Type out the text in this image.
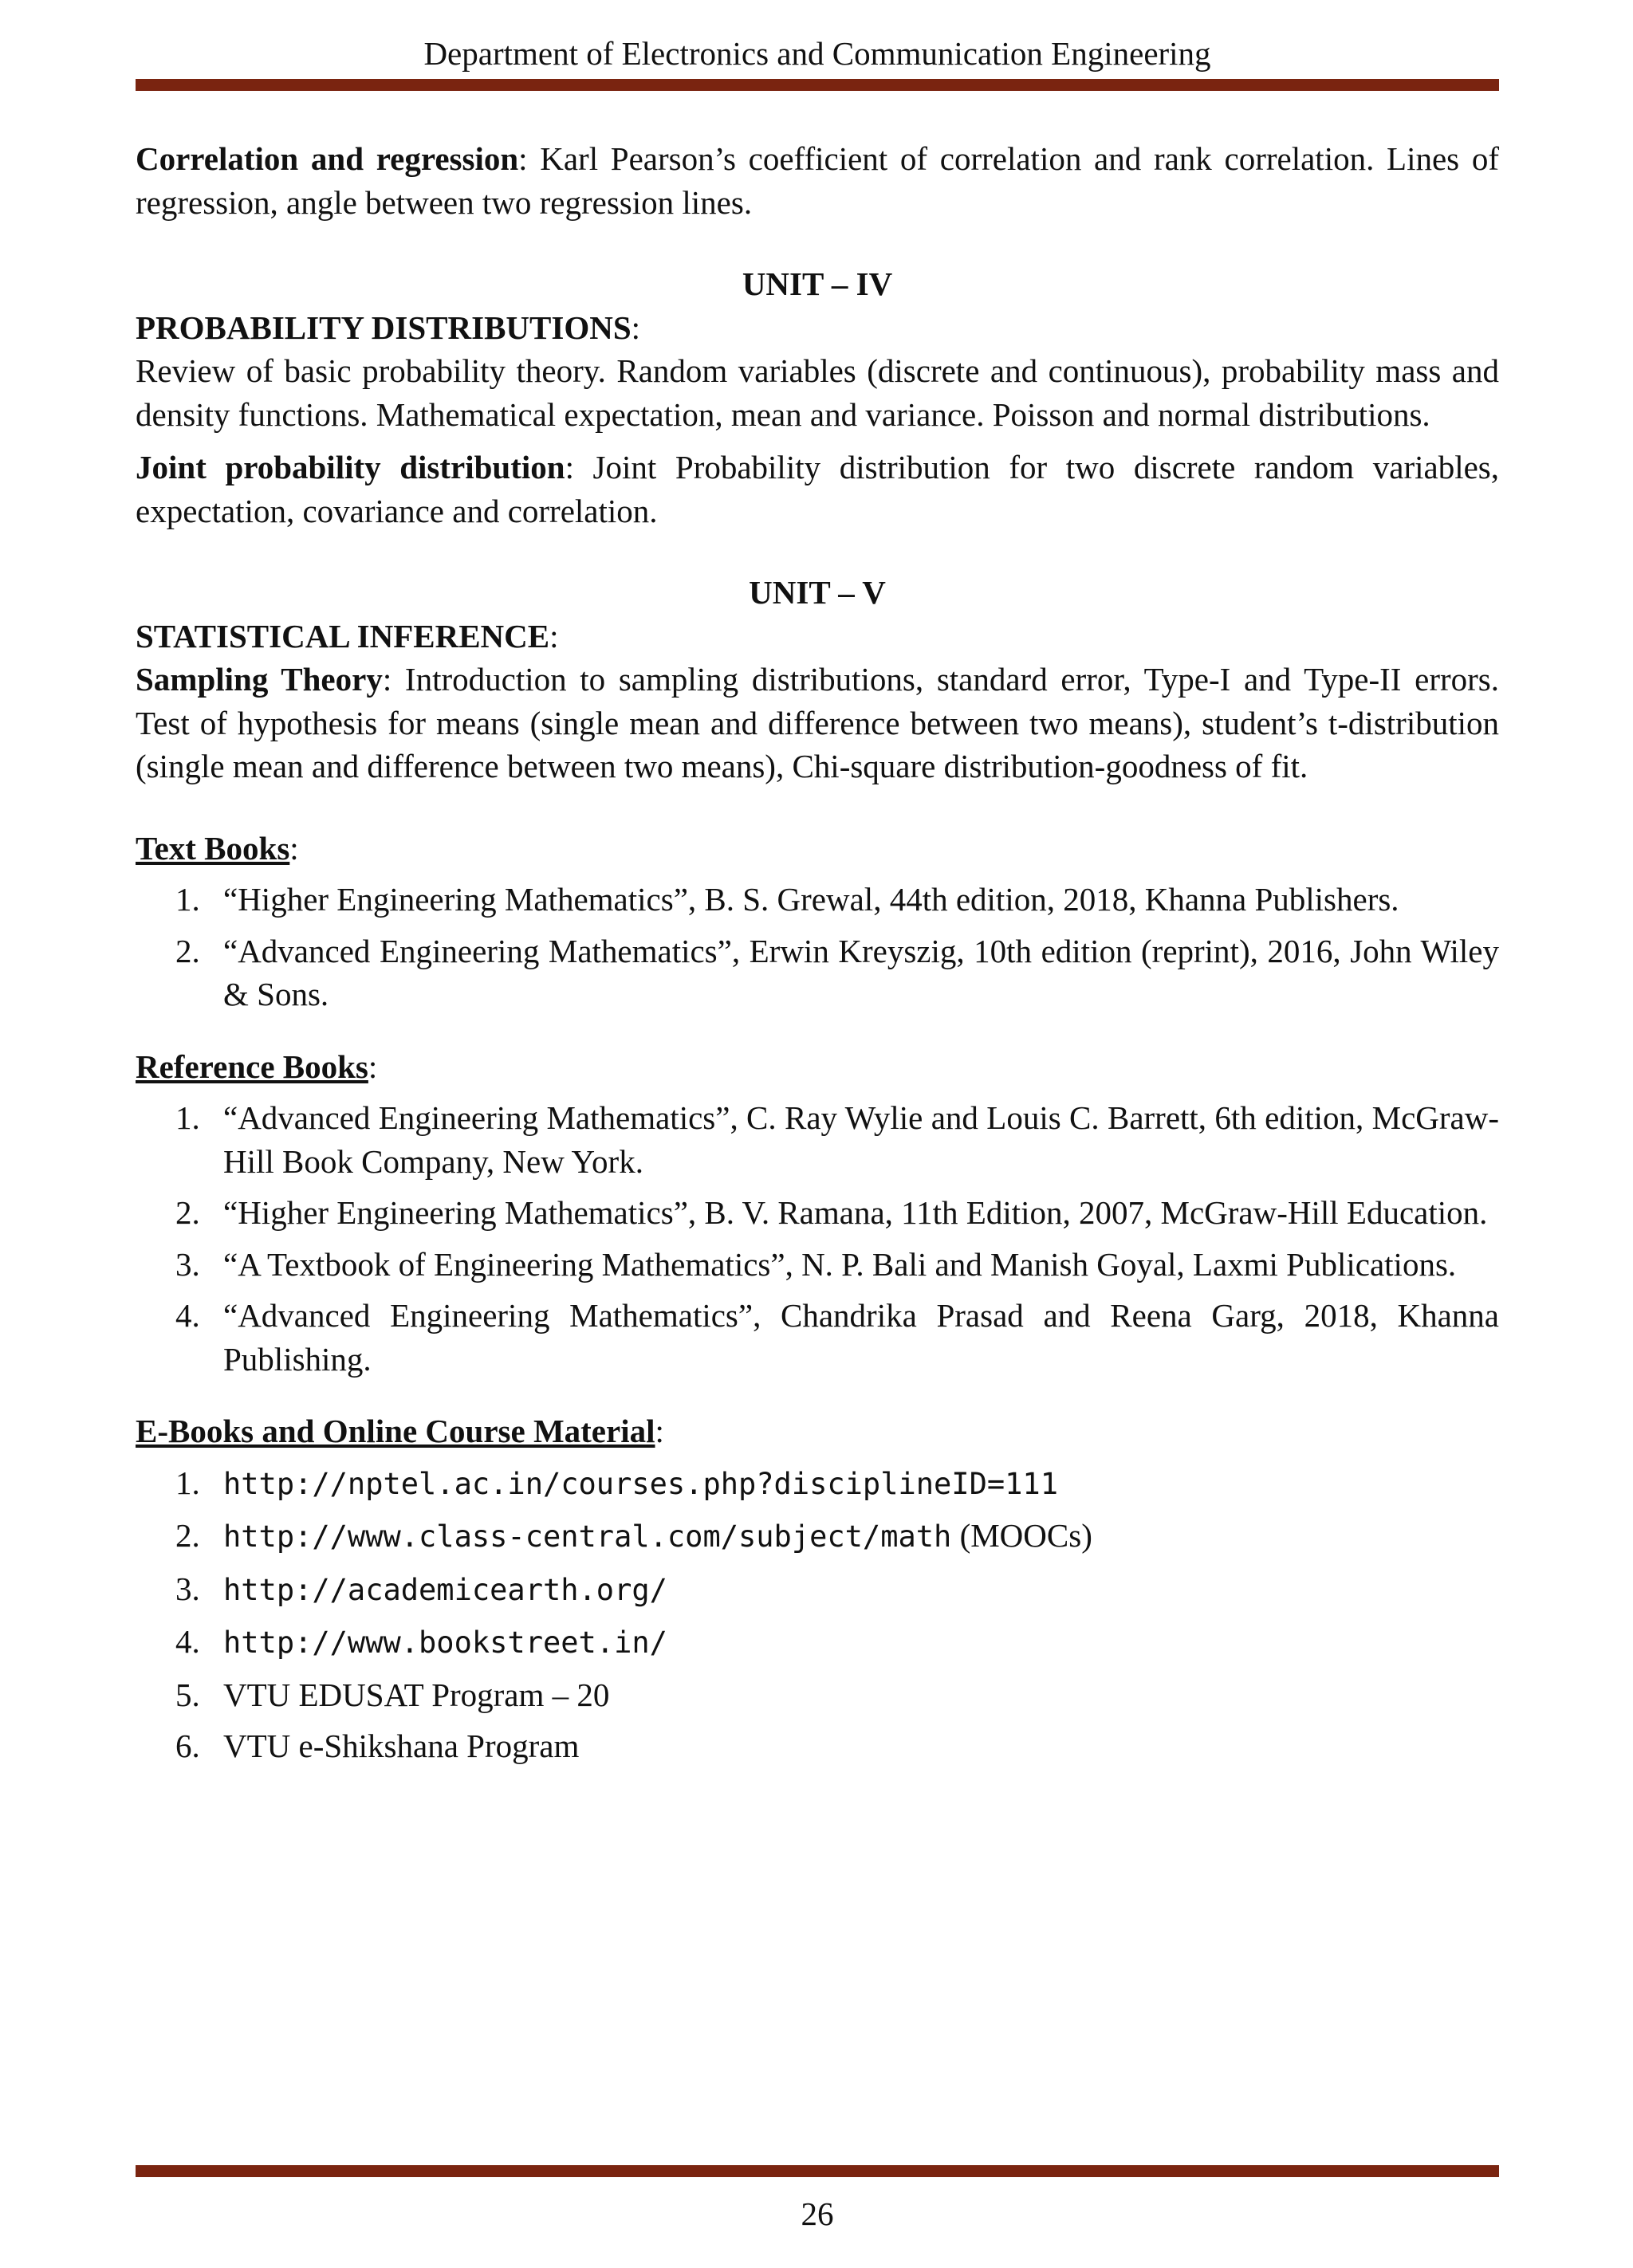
Department of Electronics and Communication Engineering

Correlation and regression: Karl Pearson’s coefficient of correlation and rank correlation. Lines of regression, angle between two regression lines.

UNIT – IV

PROBABILITY DISTRIBUTIONS:

Review of basic probability theory. Random variables (discrete and continuous), probability mass and density functions. Mathematical expectation, mean and variance. Poisson and normal distributions.

Joint probability distribution: Joint Probability distribution for two discrete random variables, expectation, covariance and correlation.

UNIT – V

STATISTICAL INFERENCE:

Sampling Theory: Introduction to sampling distributions, standard error, Type-I and Type-II errors. Test of hypothesis for means (single mean and difference between two means), student’s t-distribution (single mean and difference between two means), Chi-square distribution-goodness of fit.

Text Books:

1. “Higher Engineering Mathematics”, B. S. Grewal, 44th edition, 2018, Khanna Publishers.
2. “Advanced Engineering Mathematics”, Erwin Kreyszig, 10th edition (reprint), 2016, John Wiley & Sons.

Reference Books:

1. “Advanced Engineering Mathematics”, C. Ray Wylie and Louis C. Barrett, 6th edition, McGraw-Hill Book Company, New York.
2. “Higher Engineering Mathematics”, B. V. Ramana, 11th Edition, 2007, McGraw-Hill Education.
3. “A Textbook of Engineering Mathematics”, N. P. Bali and Manish Goyal, Laxmi Publications.
4. “Advanced Engineering Mathematics”, Chandrika Prasad and Reena Garg, 2018, Khanna Publishing.

E-Books and Online Course Material:

1. http://nptel.ac.in/courses.php?disciplineID=111
2. http://www.class-central.com/subject/math (MOOCs)
3. http://academicearth.org/
4. http://www.bookstreet.in/
5. VTU EDUSAT Program – 20
6. VTU e-Shikshana Program
26
